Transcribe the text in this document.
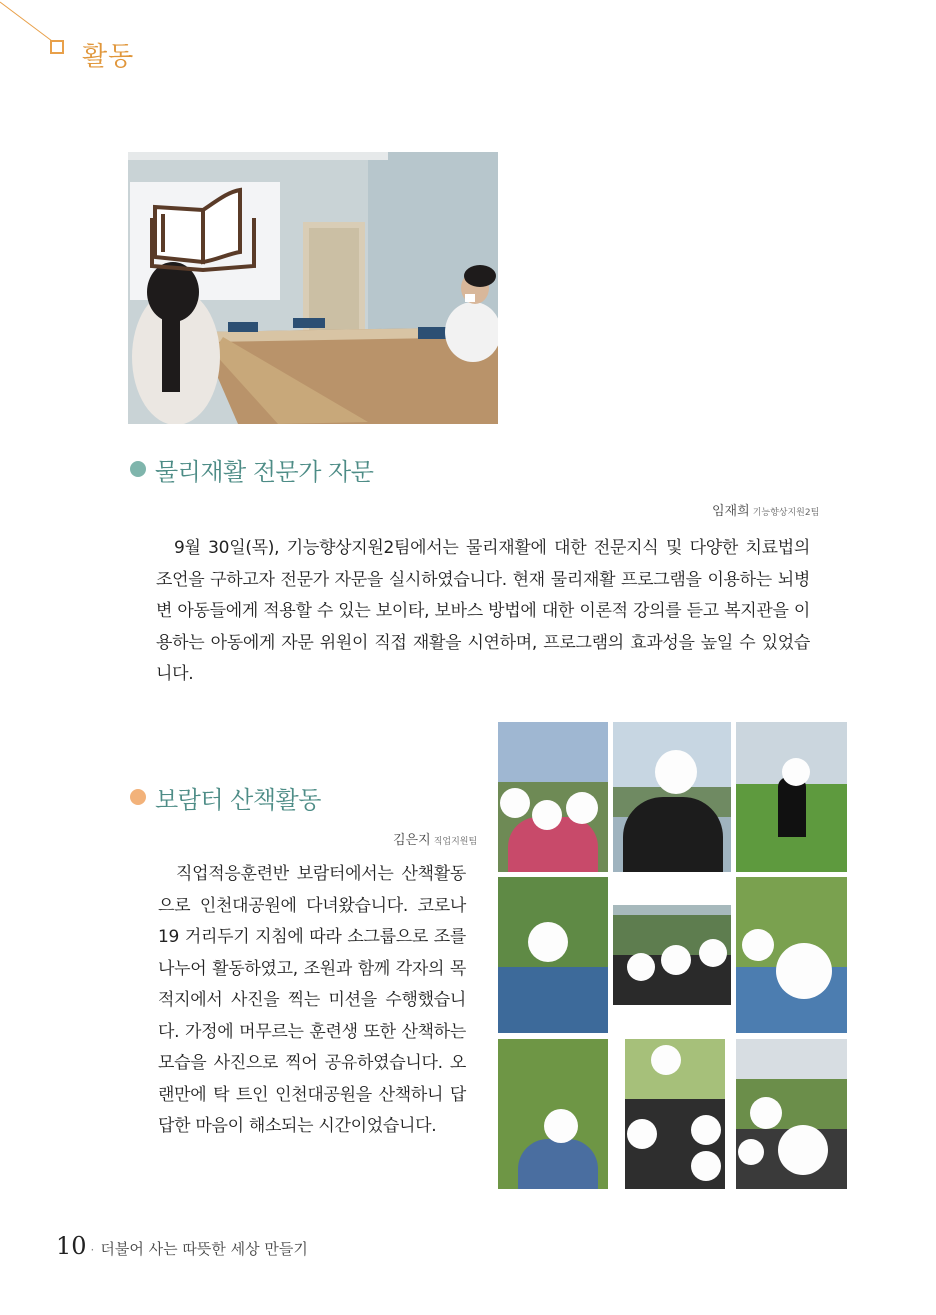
활동
물리재활 전문가 자문
임재희 기능향상지원2팀

9월 30일(목), 기능향상지원2팀에서는 물리재활에 대한 전문지식 및 다양한 치료법의 조언을 구하고자 전문가 자문을 실시하였습니다. 현재 물리재활 프로그램을 이용하는 뇌병변 아동들에게 적용할 수 있는 보이타, 보바스 방법에 대한 이론적 강의를 듣고 복지관을 이용하는 아동에게 자문 위원이 직접 재활을 시연하며, 프로그램의 효과성을 높일 수 있었습니다.

보람터 산책활동
김은지 직업지원팀

직업적응훈련반 보람터에서는 산책활동으로 인천대공원에 다녀왔습니다. 코로나19 거리두기 지침에 따라 소그룹으로 조를 나누어 활동하였고, 조원과 함께 각자의 목적지에서 사진을 찍는 미션을 수행했습니다. 가정에 머무르는 훈련생 또한 산책하는 모습을 사진으로 찍어 공유하였습니다. 오랜만에 탁 트인 인천대공원을 산책하니 답답한 마음이 해소되는 시간이었습니다.

10 · 더불어 사는 따뜻한 세상 만들기
